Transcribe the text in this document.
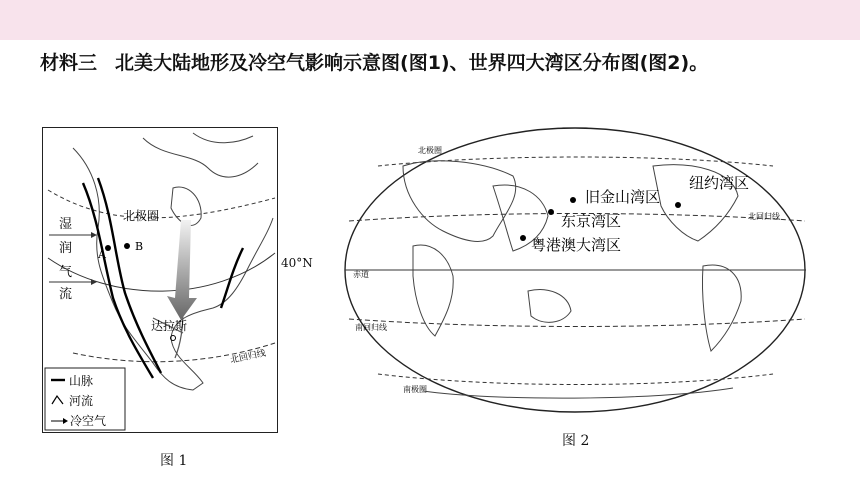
材料三 北美大陆地形及冷空气影响示意图(图1)、世界四大湾区分布图(图2)。
北极圈
北回归线
湿
润
气
流
A
B
达拉斯
山脉
河流
冷空气
40°N
图 1
北极圈
北回归线
赤道
南回归线
南极圈
旧金山湾区
纽约湾区
东京湾区
粤港澳大湾区
图 2
